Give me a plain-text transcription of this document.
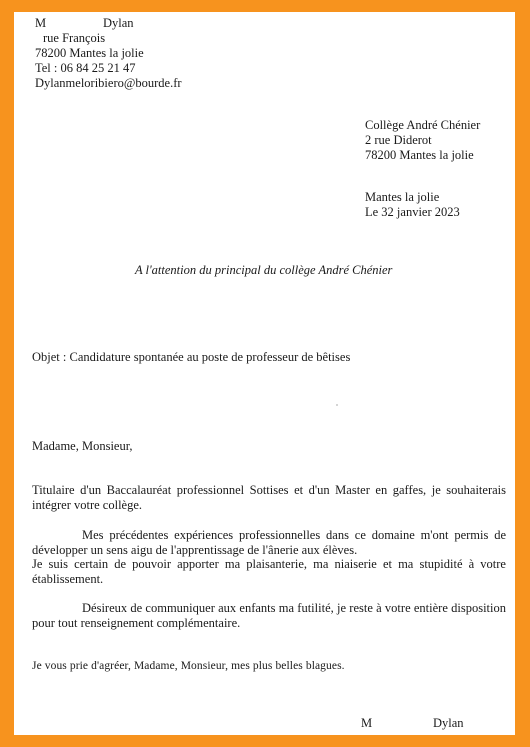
M	Dylan
rue François
78200 Mantes la jolie
Tel : 06 84 25 21 47
Dylanmeloribiero@bourde.fr
Collège André Chénier
2 rue Diderot
78200 Mantes la jolie
Mantes la jolie
Le 32 janvier 2023
A l'attention du principal du collège André Chénier
Objet : Candidature spontanée au poste de professeur de bêtises
Madame, Monsieur,
Titulaire d'un Baccalauréat professionnel Sottises et d'un Master en gaffes, je souhaiterais intégrer votre collège.
Mes précédentes expériences professionnelles dans ce domaine m'ont permis de développer un sens aigu de l'apprentissage de l'ânerie aux élèves.
Je suis certain de pouvoir apporter ma plaisanterie, ma niaiserie et ma stupidité à votre établissement.
Désireux de communiquer aux enfants ma futilité, je reste à votre entière disposition pour tout renseignement complémentaire.
Je vous prie d'agréer, Madame, Monsieur, mes plus belles blagues.
M	Dylan
